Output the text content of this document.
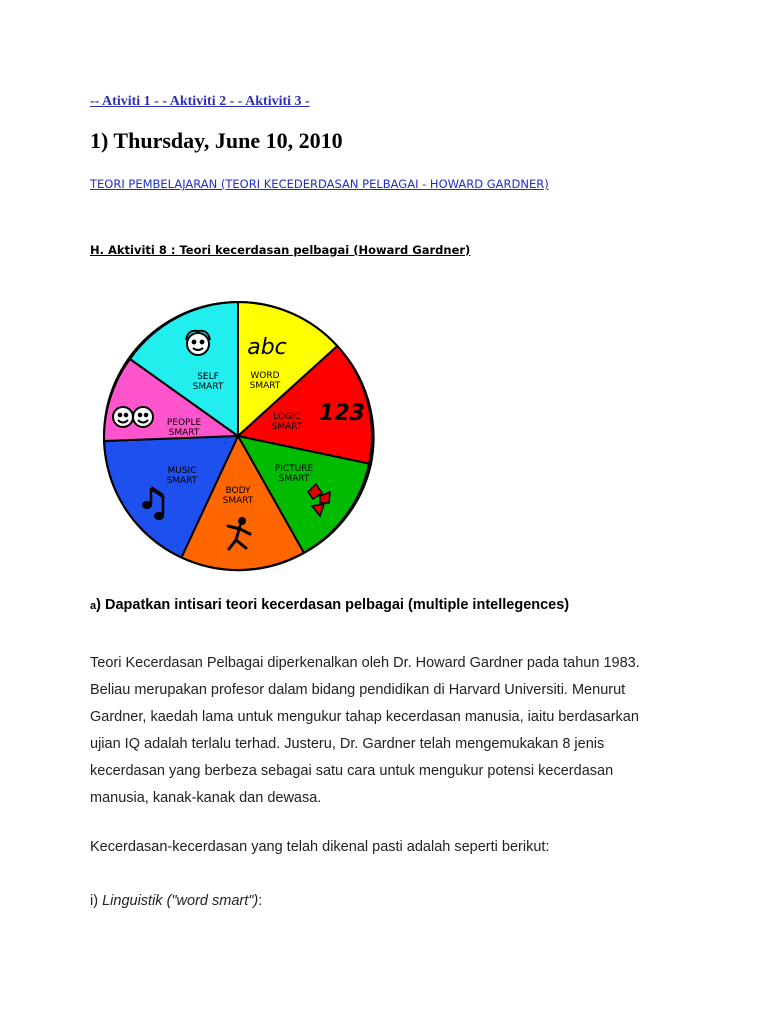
-- Ativiti 1 - - Aktiviti 2 - - Aktiviti 3 -
1) Thursday, June 10, 2010
TEORI PEMBELAJARAN (TEORI KECEDERDASAN PELBAGAI - HOWARD GARDNER)
H. Aktiviti 8 : Teori kecerdasan pelbagai (Howard Gardner)
WORD SMART
LOGIC SMART
PICTURE SMART
BODY SMART
MUSIC SMART
PEOPLE SMART
SELF SMART
abc
123
a) Dapatkan intisari teori kecerdasan pelbagai (multiple intellegences)

Teori Kecerdasan Pelbagai diperkenalkan oleh Dr. Howard Gardner pada tahun 1983.
Beliau merupakan profesor dalam bidang pendidikan di Harvard Universiti. Menurut
Gardner, kaedah lama untuk mengukur tahap kecerdasan manusia, iaitu berdasarkan
ujian IQ adalah terlalu terhad. Justeru, Dr. Gardner telah mengemukakan 8 jenis
kecerdasan yang berbeza sebagai satu cara untuk mengukur potensi kecerdasan
manusia, kanak-kanak dan dewasa.

Kecerdasan-kecerdasan yang telah dikenal pasti adalah seperti berikut:
i) Linguistik ("word smart"):
